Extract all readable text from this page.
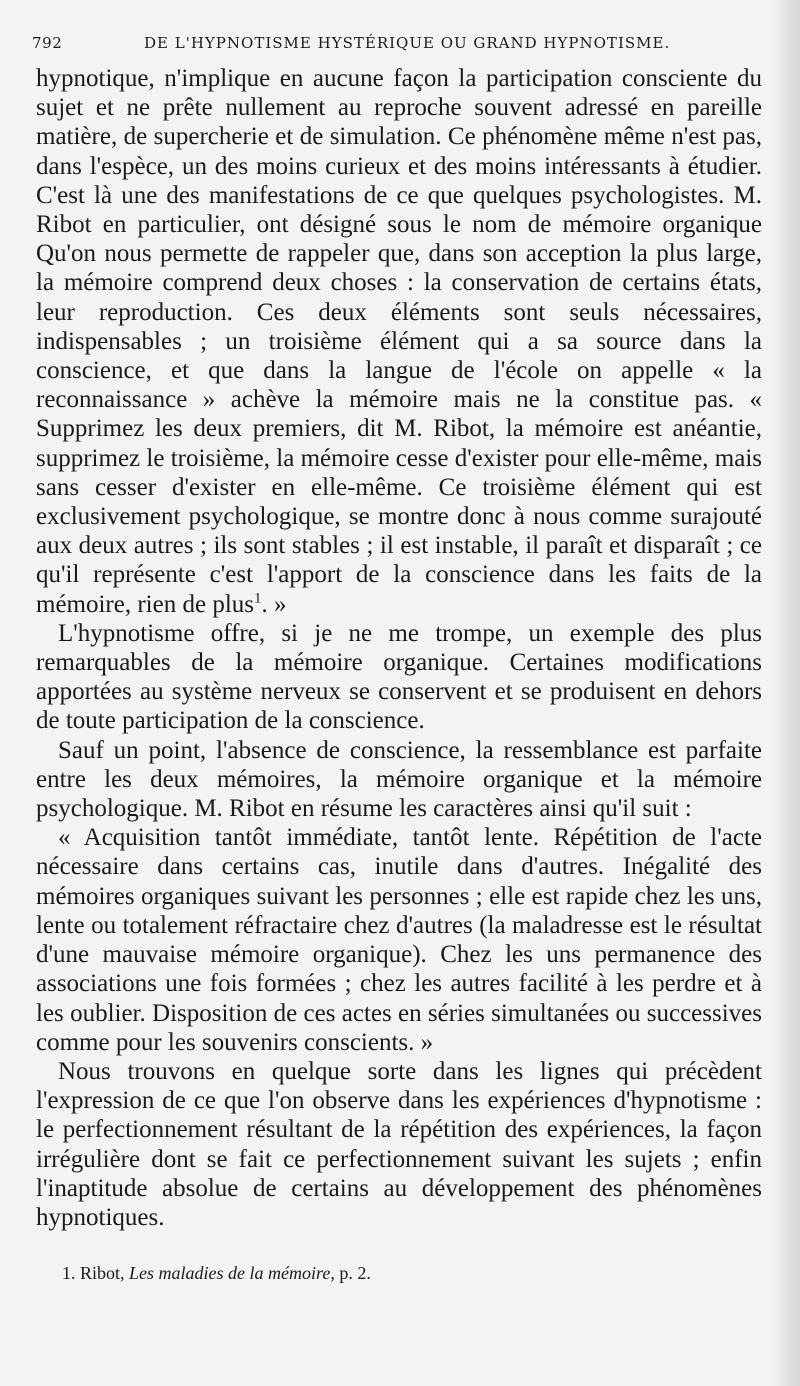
792	DE L'HYPNOTISME HYSTÉRIQUE OU GRAND HYPNOTISME.

hypnotique, n'implique en aucune façon la participation consciente du sujet et ne prête nullement au reproche souvent adressé en pareille matière, de supercherie et de simulation. Ce phénomène même n'est pas, dans l'espèce, un des moins curieux et des moins intéressants à étudier. C'est là une des manifestations de ce que quelques psychologistes. M. Ribot en particulier, ont désigné sous le nom de mémoire organique Qu'on nous permette de rappeler que, dans son acception la plus large, la mémoire comprend deux choses : la conservation de certains états, leur reproduction. Ces deux éléments sont seuls nécessaires, indispensables ; un troisième élément qui a sa source dans la conscience, et que dans la langue de l'école on appelle « la reconnaissance » achève la mémoire mais ne la constitue pas. « Supprimez les deux premiers, dit M. Ribot, la mémoire est anéantie, supprimez le troisième, la mémoire cesse d'exister pour elle-même, mais sans cesser d'exister en elle-même. Ce troisième élément qui est exclusivement psychologique, se montre donc à nous comme surajouté aux deux autres ; ils sont stables ; il est instable, il paraît et disparaît ; ce qu'il représente c'est l'apport de la conscience dans les faits de la mémoire, rien de plus$^1$. »

L'hypnotisme offre, si je ne me trompe, un exemple des plus remarquables de la mémoire organique. Certaines modifications apportées au système nerveux se conservent et se produisent en dehors de toute participation de la conscience.

Sauf un point, l'absence de conscience, la ressemblance est parfaite entre les deux mémoires, la mémoire organique et la mémoire psychologique. M. Ribot en résume les caractères ainsi qu'il suit :

« Acquisition tantôt immédiate, tantôt lente. Répétition de l'acte nécessaire dans certains cas, inutile dans d'autres. Inégalité des mémoires organiques suivant les personnes ; elle est rapide chez les uns, lente ou totalement réfractaire chez d'autres (la maladresse est le résultat d'une mauvaise mémoire organique). Chez les uns permanence des associations une fois formées ; chez les autres facilité à les perdre et à les oublier. Disposition de ces actes en séries simultanées ou successives comme pour les souvenirs conscients. »

Nous trouvons en quelque sorte dans les lignes qui précèdent l'expression de ce que l'on observe dans les expériences d'hypnotisme : le perfectionnement résultant de la répétition des expériences, la façon irrégulière dont se fait ce perfectionnement suivant les sujets ; enfin l'inaptitude absolue de certains au développement des phénomènes hypnotiques.

1. Ribot, Les maladies de la mémoire, p. 2.
